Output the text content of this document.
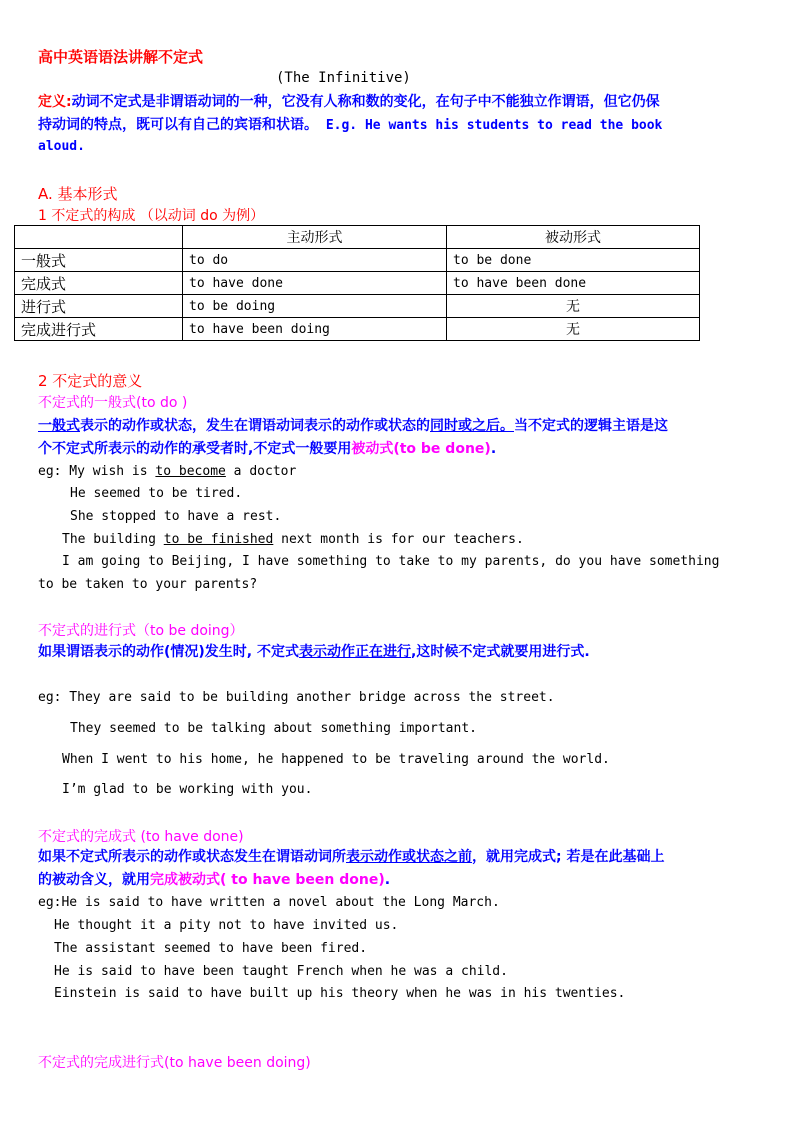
高中英语语法讲解不定式
(The Infinitive)
定义:动词不定式是非谓语动词的一种，它没有人称和数的变化，在句子中不能独立作谓语，但它仍保
持动词的特点，既可以有自己的宾语和状语。 E.g. He wants his students to read the book
aloud.
A. 基本形式
1 不定式的构成 （以动词 do 为例）
	主动形式	被动形式
一般式	to do	to be done
完成式	to have done	to have been done
进行式	to be doing	无
完成进行式	to have been doing	无
2 不定式的意义
不定式的一般式(to do )
一般式表示的动作或状态，发生在谓语动词表示的动作或状态的同时或之后。当不定式的逻辑主语是这
个不定式所表示的动作的承受者时,不定式一般要用被动式(to be done).
eg: My wish is to become a doctor
He seemed to be tired.
She stopped to have a rest.
The building to be finished next month is for our teachers.
I am going to Beijing, I have something to take to my parents, do you have something
to be taken to your parents?
不定式的进行式（to be doing）
如果谓语表示的动作(情况)发生时, 不定式表示动作正在进行,这时候不定式就要用进行式.
eg: They are said to be building another bridge across the street.
They seemed to be talking about something important.
When I went to his home, he happened to be traveling around the world.
I’m glad to be working with you.
不定式的完成式 (to have done)
如果不定式所表示的动作或状态发生在谓语动词所表示动作或状态之前，就用完成式; 若是在此基础上
的被动含义，就用完成被动式( to have been done).
eg:He is said to have written a novel about the Long March.
He thought it a pity not to have invited us.
The assistant seemed to have been fired.
He is said to have been taught French when he was a child.
Einstein is said to have built up his theory when he was in his twenties.
不定式的完成进行式(to have been doing)
